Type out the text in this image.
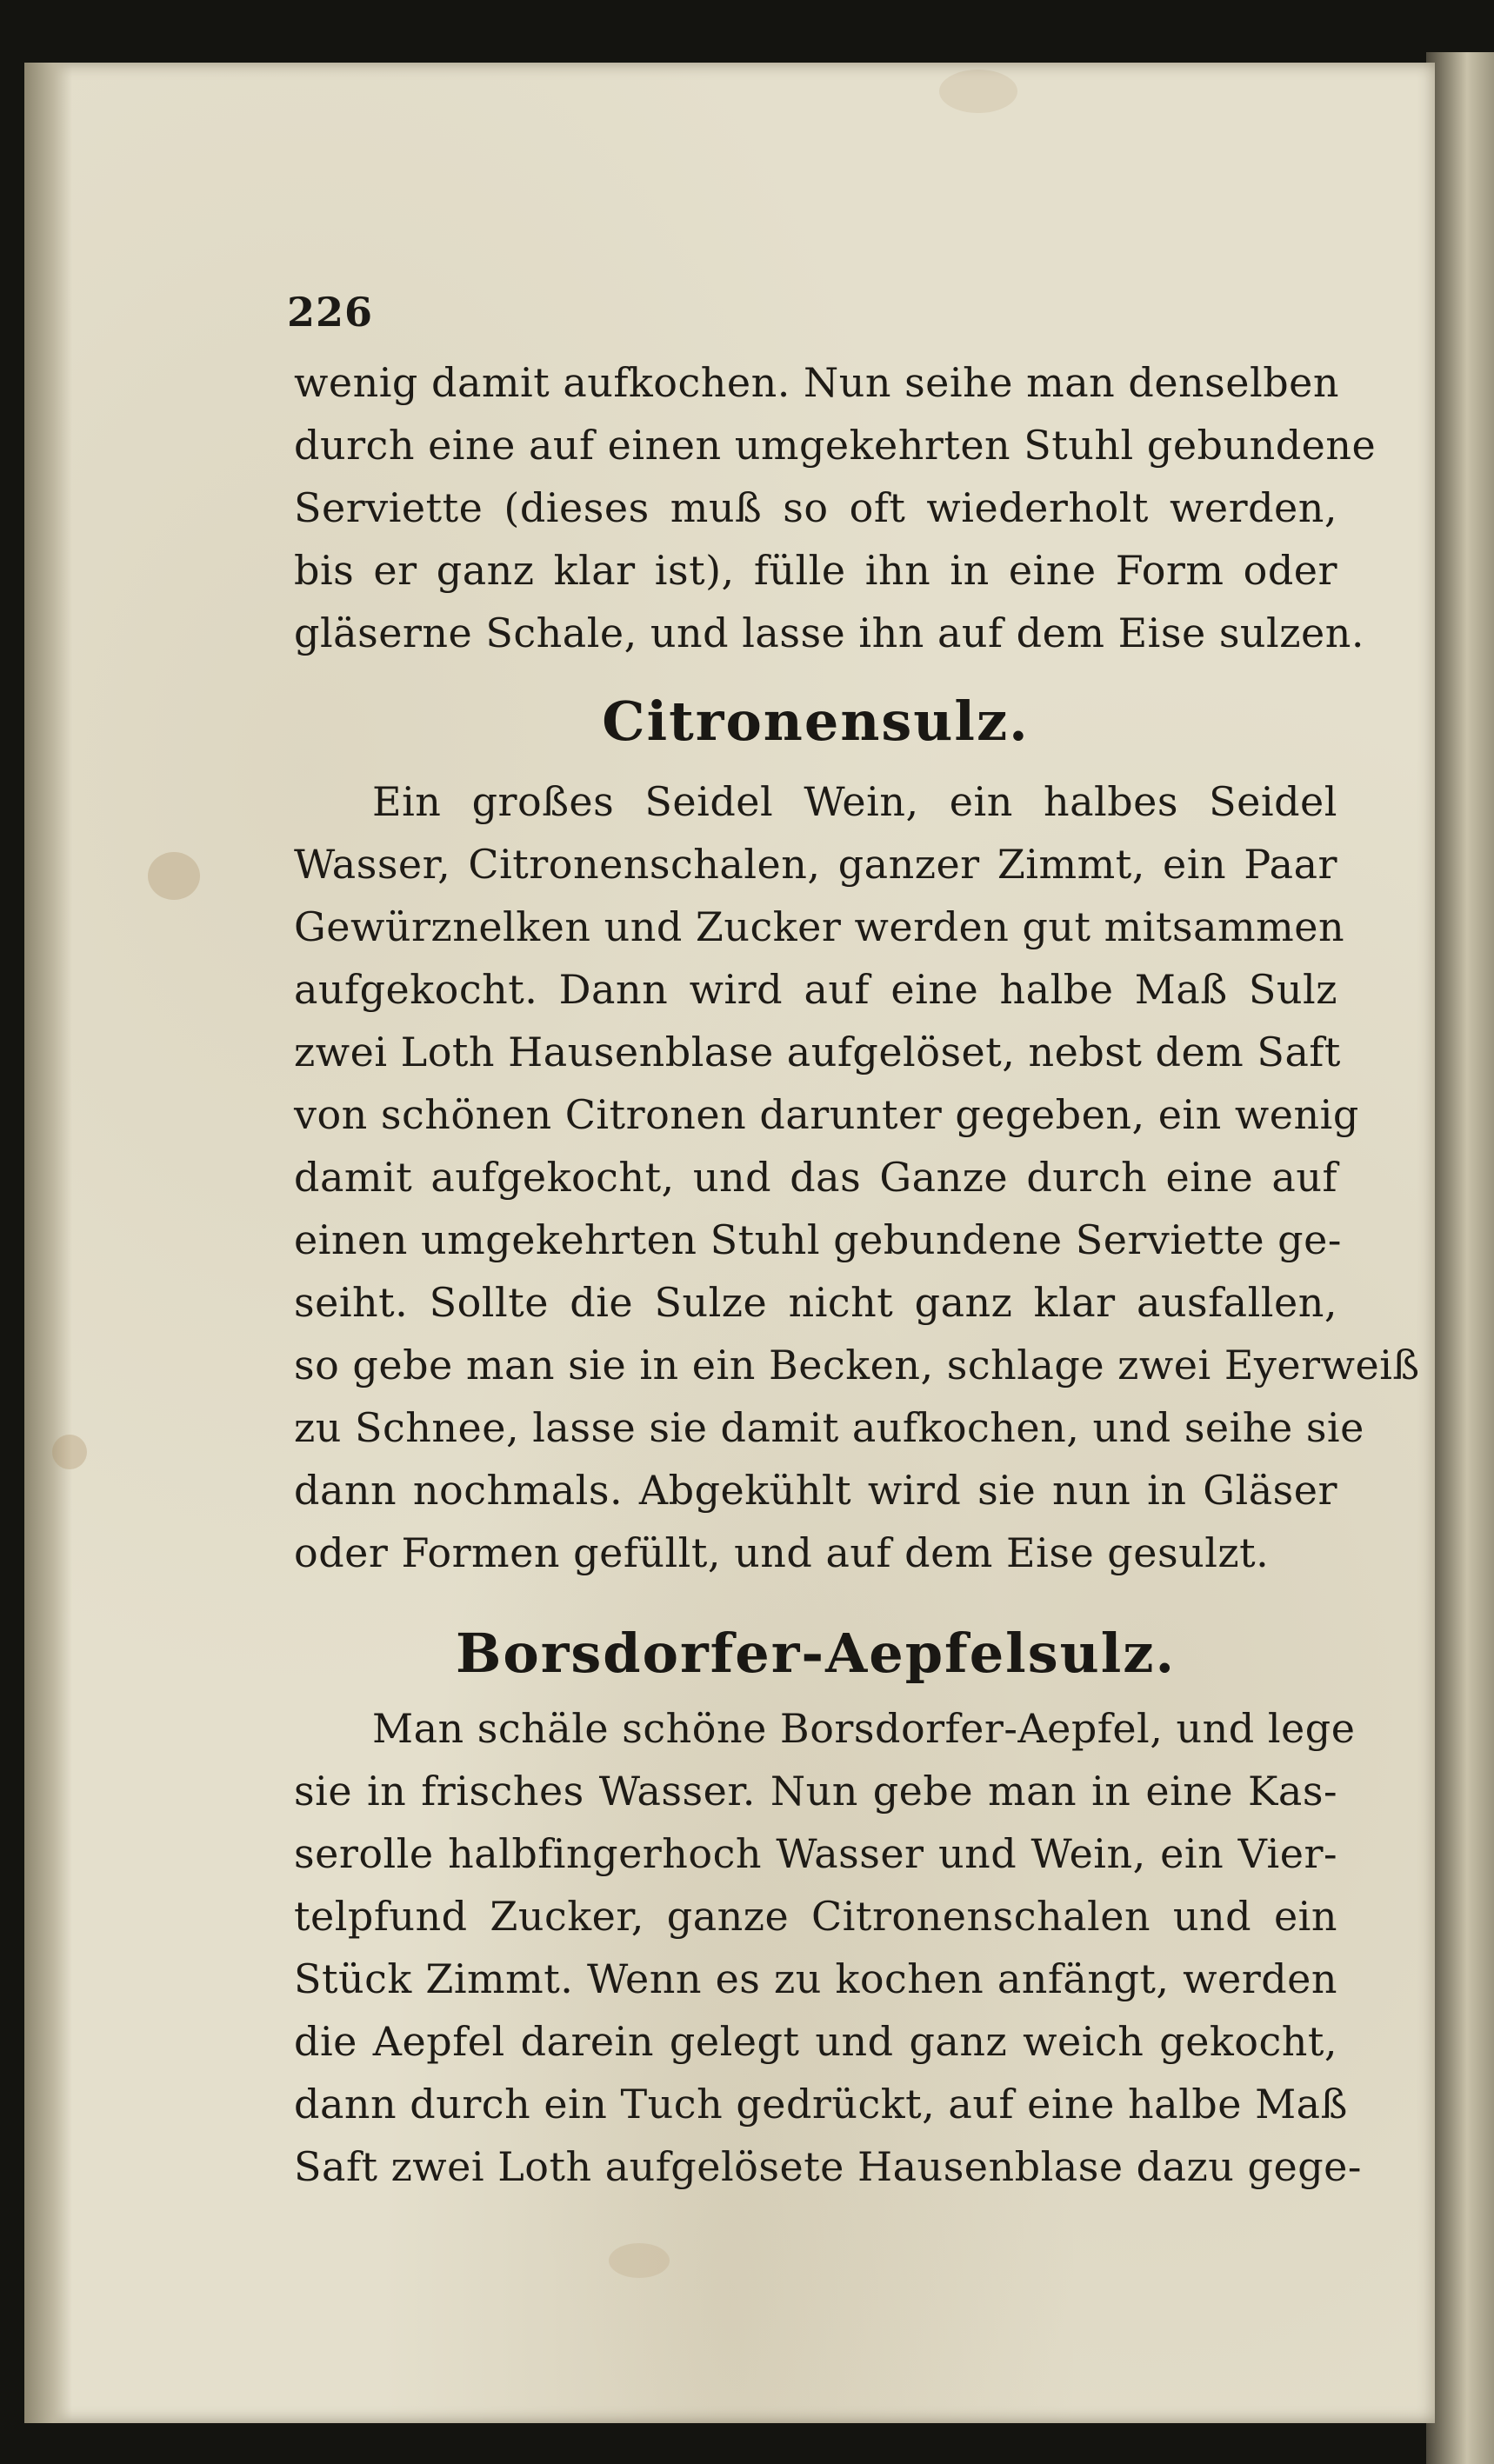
226
wenig damit aufkochen. Nun seihe man denselben
durch eine auf einen umgekehrten Stuhl gebundene
Serviette (dieses muß so oft wiederholt werden,
bis er ganz klar ist), fülle ihn in eine Form oder
gläserne Schale, und lasse ihn auf dem Eise sulzen.
Citronensulz.
Ein großes Seidel Wein, ein halbes Seidel
Wasser, Citronenschalen, ganzer Zimmt, ein Paar
Gewürznelken und Zucker werden gut mitsammen
aufgekocht. Dann wird auf eine halbe Maß Sulz
zwei Loth Hausenblase aufgelöset, nebst dem Saft
von schönen Citronen darunter gegeben, ein wenig
damit aufgekocht, und das Ganze durch eine auf
einen umgekehrten Stuhl gebundene Serviette ge-
seiht. Sollte die Sulze nicht ganz klar ausfallen,
so gebe man sie in ein Becken, schlage zwei Eyerweiß
zu Schnee, lasse sie damit aufkochen, und seihe sie
dann nochmals. Abgekühlt wird sie nun in Gläser
oder Formen gefüllt, und auf dem Eise gesulzt.
Borsdorfer-Aepfelsulz.
Man schäle schöne Borsdorfer-Aepfel, und lege
sie in frisches Wasser. Nun gebe man in eine Kas-
serolle halbfingerhoch Wasser und Wein, ein Vier-
telpfund Zucker, ganze Citronenschalen und ein
Stück Zimmt. Wenn es zu kochen anfängt, werden
die Aepfel darein gelegt und ganz weich gekocht,
dann durch ein Tuch gedrückt, auf eine halbe Maß
Saft zwei Loth aufgelösete Hausenblase dazu gege-
